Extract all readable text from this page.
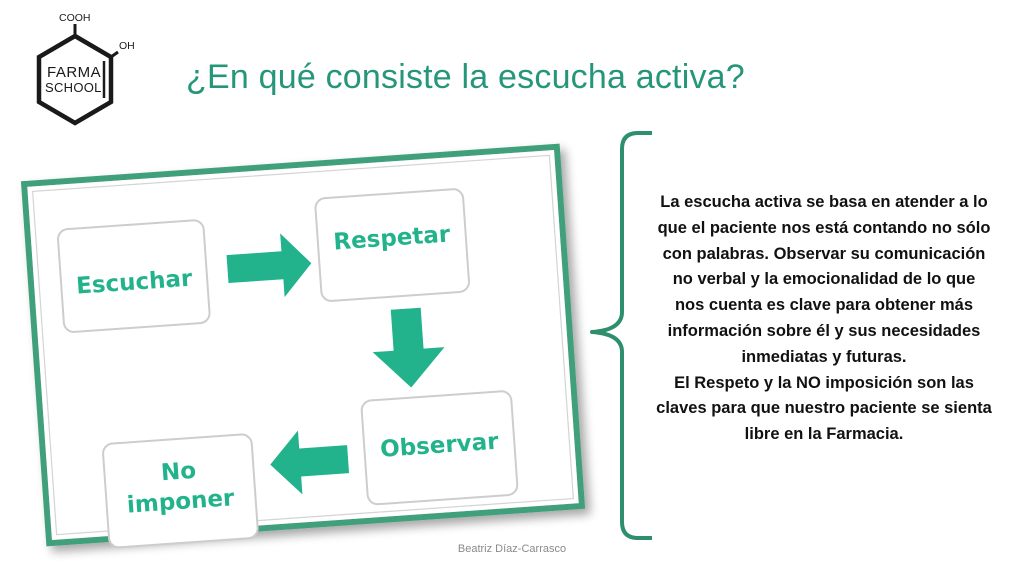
COOH
OH
FARMA
SCHOOL ¿En qué consiste la escucha activa?
Escuchar
Respetar
Observar
No
imponer

La escucha activa se basa en atender a lo que el paciente nos está contando no sólo con palabras. Observar su comunicación no verbal y la emocionalidad de lo que nos cuenta es clave para obtener más información sobre él y sus necesidades inmediatas y futuras.

El Respeto y la NO imposición son las claves para que nuestro paciente se sienta libre en la Farmacia.

Beatriz Díaz-Carrasco
